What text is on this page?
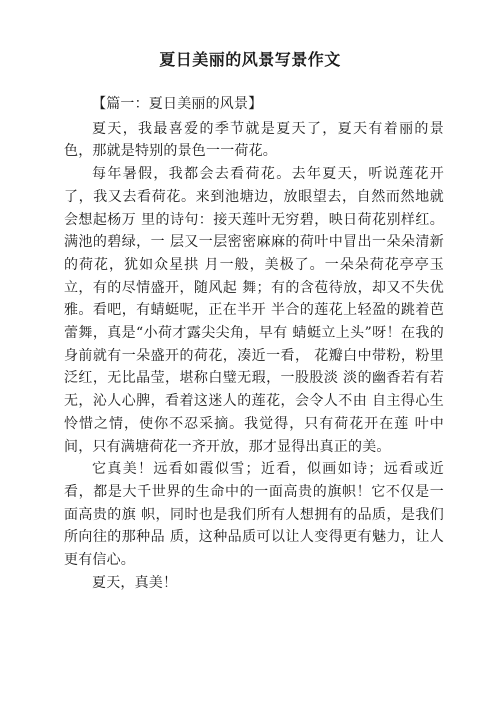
夏日美丽的风景写景作文

【篇一：夏日美丽的风景】

夏天，我最喜爱的季节就是夏天了，夏天有着丽的景色，那就是特别的景色一一荷花。

每年暑假，我都会去看荷花。去年夏天，听说莲花开了，我又去看荷花。来到池塘边，放眼望去，自然而然地就会想起杨万 里的诗句：接天莲叶无穷碧，映日荷花别样红。满池的碧绿，一 层又一层密密麻麻的荷叶中冒出一朵朵清新的荷花，犹如众星拱 月一般，美极了。一朵朵荷花亭亭玉立，有的尽情盛开，随风起 舞；有的含苞待放，却又不失优雅。看吧，有蜻蜓呢，正在半开 半合的莲花上轻盈的跳着芭蕾舞，真是“小荷才露尖尖角，早有 蜻蜓立上头”呀！在我的身前就有一朵盛开的荷花，凑近一看， 花瓣白中带粉，粉里泛红，无比晶莹，堪称白璧无瑕，一股股淡 淡的幽香若有若无，沁人心脾，看着这迷人的莲花，会令人不由 自主得心生怜惜之情，使你不忍采摘。我觉得，只有荷花开在莲 叶中间，只有满塘荷花一齐开放，那才显得出真正的美。

它真美！远看如霞似雪；近看，似画如诗；远看或近看，都是大千世界的生命中的一面高贵的旗帜！它不仅是一面高贵的旗 帜，同时也是我们所有人想拥有的品质，是我们所向往的那种品 质，这种品质可以让人变得更有魅力，让人更有信心。

夏天，真美！
